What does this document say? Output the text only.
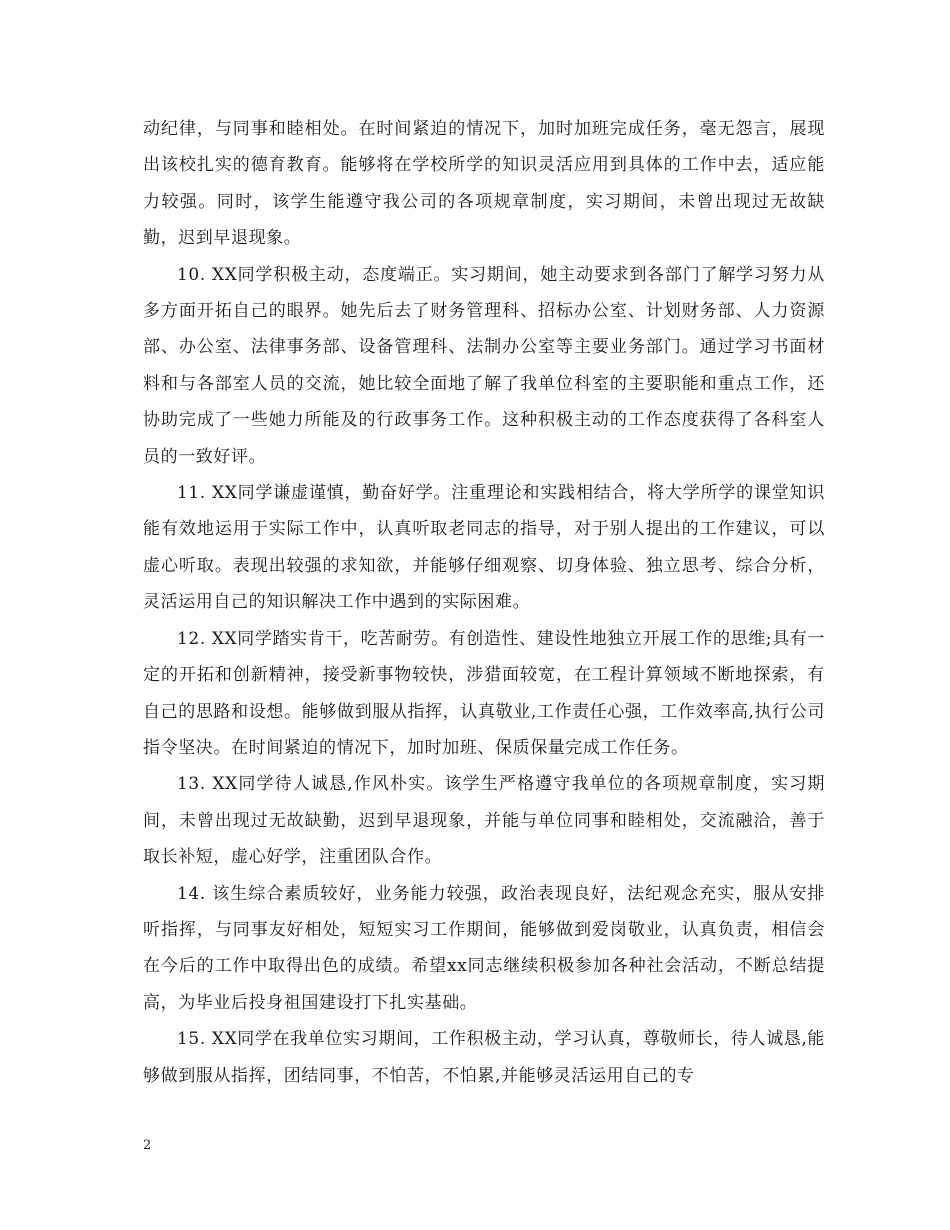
动纪律，与同事和睦相处。在时间紧迫的情况下，加时加班完成任务，毫无怨言，展现出该校扎实的德育教育。能够将在学校所学的知识灵活应用到具体的工作中去，适应能力较强。同时，该学生能遵守我公司的各项规章制度，实习期间，未曾出现过无故缺勤，迟到早退现象。

10. XX同学积极主动，态度端正。实习期间，她主动要求到各部门了解学习努力从多方面开拓自己的眼界。她先后去了财务管理科、招标办公室、计划财务部、人力资源部、办公室、法律事务部、设备管理科、法制办公室等主要业务部门。通过学习书面材料和与各部室人员的交流，她比较全面地了解了我单位科室的主要职能和重点工作，还协助完成了一些她力所能及的行政事务工作。这种积极主动的工作态度获得了各科室人员的一致好评。

11. XX同学谦虚谨慎，勤奋好学。注重理论和实践相结合，将大学所学的课堂知识能有效地运用于实际工作中，认真听取老同志的指导，对于别人提出的工作建议，可以虚心听取。表现出较强的求知欲，并能够仔细观察、切身体验、独立思考、综合分析，灵活运用自己的知识解决工作中遇到的实际困难。

12. XX同学踏实肯干，吃苦耐劳。有创造性、建设性地独立开展工作的思维;具有一定的开拓和创新精神，接受新事物较快，涉猎面较宽，在工程计算领域不断地探索，有自己的思路和设想。能够做到服从指挥，认真敬业,工作责任心强，工作效率高,执行公司指令坚决。在时间紧迫的情况下，加时加班、保质保量完成工作任务。

13. XX同学待人诚恳,作风朴实。该学生严格遵守我单位的各项规章制度，实习期间，未曾出现过无故缺勤，迟到早退现象，并能与单位同事和睦相处，交流融洽，善于取长补短，虚心好学，注重团队合作。

14. 该生综合素质较好，业务能力较强，政治表现良好，法纪观念充实，服从安排听指挥，与同事友好相处，短短实习工作期间，能够做到爱岗敬业，认真负责，相信会在今后的工作中取得出色的成绩。希望xx同志继续积极参加各种社会活动，不断总结提高，为毕业后投身祖国建设打下扎实基础。

15. XX同学在我单位实习期间，工作积极主动，学习认真，尊敬师长，待人诚恳,能够做到服从指挥，团结同事，不怕苦，不怕累,并能够灵活运用自己的专

2
